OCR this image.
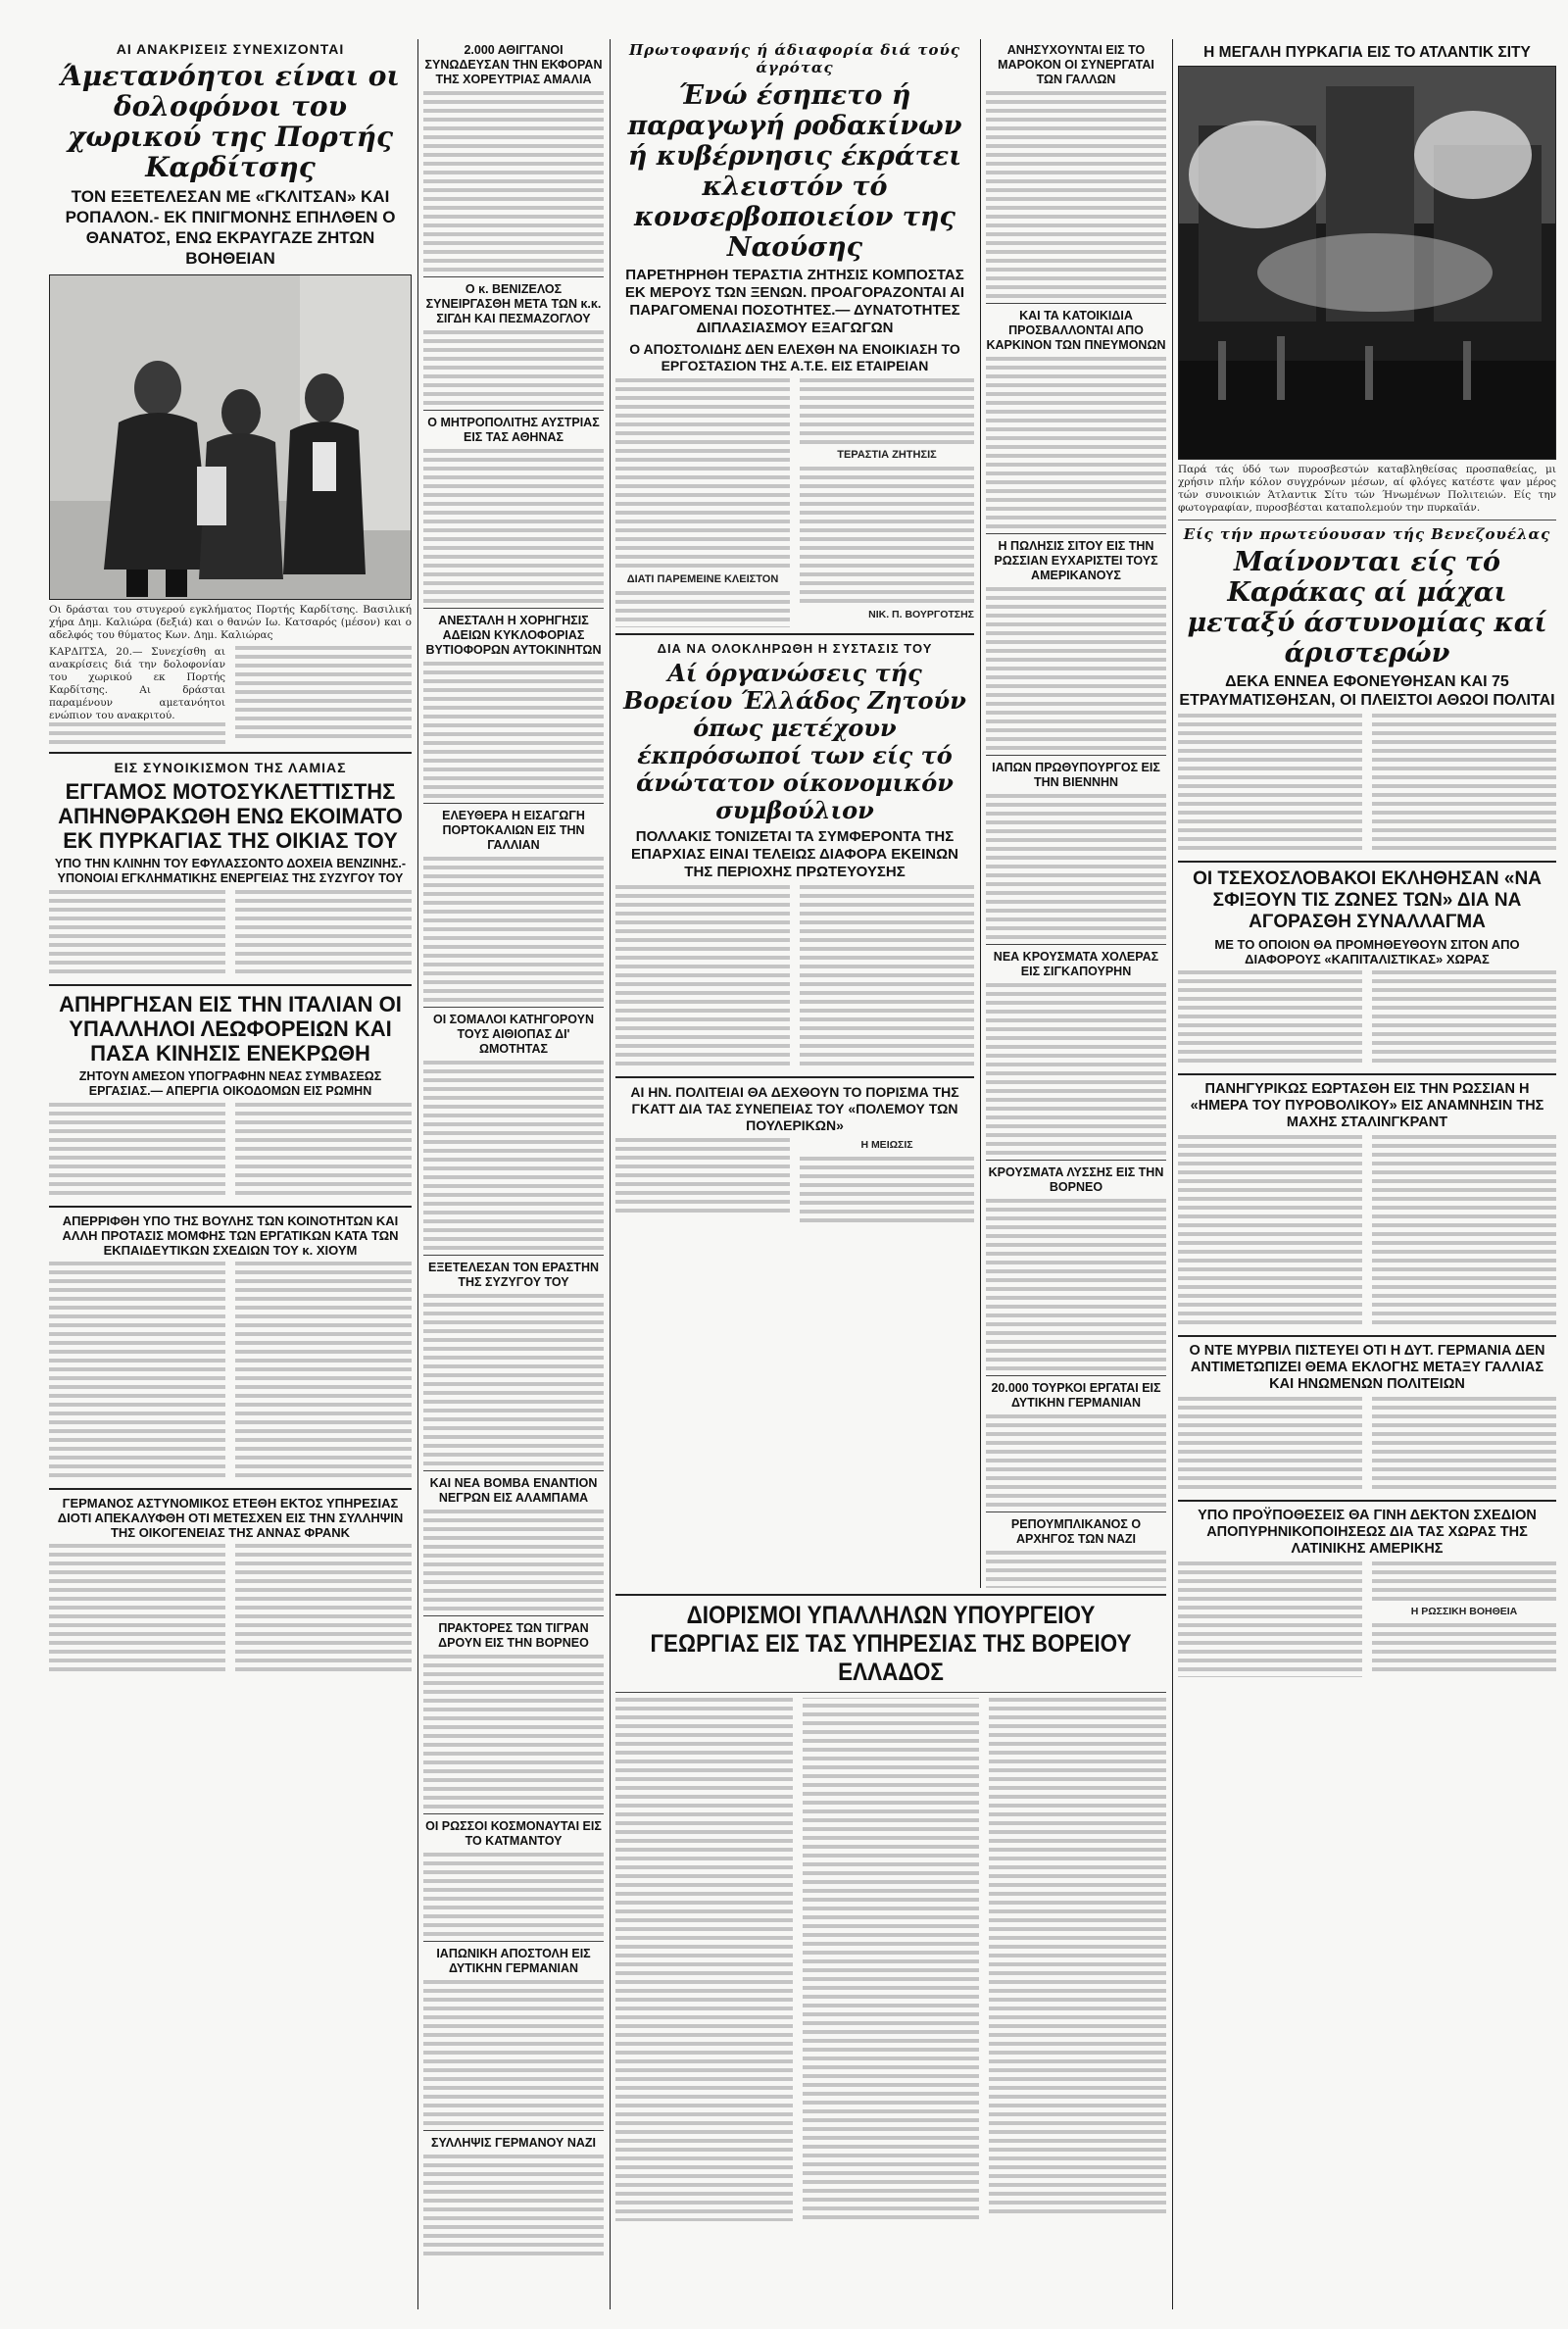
ΑΙ ΑΝΑΚΡΙΣΕΙΣ ΣΥΝΕΧΙΖΟΝΤΑΙ
Άμετανόητοι είναι οι δολοφόνοι του χωρικού της Πορτής Καρδίτσης
ΤΟΝ ΕΞΕΤΕΛΕΣΑΝ ΜΕ «ΓΚΛΙΤΣΑΝ» ΚΑΙ ΡΟΠΑΛΟΝ.- ΕΚ ΠΝΙΓΜΟΝΗΣ ΕΠΗΛΘΕΝ Ο ΘΑΝΑΤΟΣ, ΕΝΩ ΕΚΡΑΥΓΑΖΕ ΖΗΤΩΝ ΒΟΗΘΕΙΑΝ
Οι δράσται του στυγερού εγκλήματος Πορτής Καρδίτσης. Βασιλική χήρα Δημ. Καλιώρα (δεξιά) και ο θανών Ιω. Κατσαρός (μέσον) και ο αδελφός του θύματος Κων. Δημ. Καλιώρας
ΚΑΡΔΙΤΣΑ, 20.— Συνεχίσθη αι ανακρίσεις διά την δολοφονίαν του χωρικού εκ Πορτής Καρδίτσης. Αι δράσται παραμένουν αμετανόητοι ενώπιον του ανακριτού.
ΕΙΣ ΣΥΝΟΙΚΙΣΜΟΝ ΤΗΣ ΛΑΜΙΑΣ
ΕΓΓΑΜΟΣ ΜΟΤΟΣΥΚΛΕΤΤΙΣΤΗΣ ΑΠΗΝΘΡΑΚΩΘΗ ΕΝΩ ΕΚΟΙΜΑΤΟ ΕΚ ΠΥΡΚΑΓΙΑΣ ΤΗΣ ΟΙΚΙΑΣ ΤΟΥ
ΥΠΟ ΤΗΝ ΚΛΙΝΗΝ ΤΟΥ ΕΦΥΛΑΣΣΟΝΤΟ ΔΟΧΕΙΑ ΒΕΝΖΙΝΗΣ.- ΥΠΟΝΟΙΑΙ ΕΓΚΛΗΜΑΤΙΚΗΣ ΕΝΕΡΓΕΙΑΣ ΤΗΣ ΣΥΖΥΓΟΥ ΤΟΥ
ΑΠΗΡΓΗΣΑΝ ΕΙΣ ΤΗΝ ΙΤΑΛΙΑΝ ΟΙ ΥΠΑΛΛΗΛΟΙ ΛΕΩΦΟΡΕΙΩΝ ΚΑΙ ΠΑΣΑ ΚΙΝΗΣΙΣ ΕΝΕΚΡΩΘΗ
ΖΗΤΟΥΝ ΑΜΕΣΟΝ ΥΠΟΓΡΑΦΗΝ ΝΕΑΣ ΣΥΜΒΑΣΕΩΣ ΕΡΓΑΣΙΑΣ.— ΑΠΕΡΓΙΑ ΟΙΚΟΔΟΜΩΝ ΕΙΣ ΡΩΜΗΝ
ΑΠΕΡΡΙΦΘΗ ΥΠΟ ΤΗΣ ΒΟΥΛΗΣ ΤΩΝ ΚΟΙΝΟΤΗΤΩΝ ΚΑΙ ΑΛΛΗ ΠΡΟΤΑΣΙΣ ΜΟΜΦΗΣ ΤΩΝ ΕΡΓΑΤΙΚΩΝ ΚΑΤΑ ΤΩΝ ΕΚΠΑΙΔΕΥΤΙΚΩΝ ΣΧΕΔΙΩΝ ΤΟΥ κ. ΧΙΟΥΜ
ΓΕΡΜΑΝΟΣ ΑΣΤΥΝΟΜΙΚΟΣ ΕΤΕΘΗ ΕΚΤΟΣ ΥΠΗΡΕΣΙΑΣ ΔΙΟΤΙ ΑΠΕΚΑΛΥΦΘΗ ΟΤΙ ΜΕΤΕΣΧΕΝ ΕΙΣ ΤΗΝ ΣΥΛΛΗΨΙΝ ΤΗΣ ΟΙΚΟΓΕΝΕΙΑΣ ΤΗΣ ΑΝΝΑΣ ΦΡΑΝΚ
2.000 ΑΘΙΓΓΑΝΟΙ ΣΥΝΩΔΕΥΣΑΝ ΤΗΝ ΕΚΦΟΡΑΝ ΤΗΣ ΧΟΡΕΥΤΡΙΑΣ ΑΜΑΛΙΑ
Ο κ. ΒΕΝΙΖΕΛΟΣ ΣΥΝΕΙΡΓΑΣΘΗ ΜΕΤΑ ΤΩΝ κ.κ. ΣΙΓΔΗ ΚΑΙ ΠΕΣΜΑΖΟΓΛΟΥ
Ο ΜΗΤΡΟΠΟΛΙΤΗΣ ΑΥΣΤΡΙΑΣ ΕΙΣ ΤΑΣ ΑΘΗΝΑΣ
ΑΝΕΣΤΑΛΗ Η ΧΟΡΗΓΗΣΙΣ ΑΔΕΙΩΝ ΚΥΚΛΟΦΟΡΙΑΣ ΒΥΤΙΟΦΟΡΩΝ ΑΥΤΟΚΙΝΗΤΩΝ
ΕΛΕΥΘΕΡΑ Η ΕΙΣΑΓΩΓΗ ΠΟΡΤΟΚΑΛΙΩΝ ΕΙΣ ΤΗΝ ΓΑΛΛΙΑΝ
ΟΙ ΣΟΜΑΛΟΙ ΚΑΤΗΓΟΡΟΥΝ ΤΟΥΣ ΑΙΘΙΟΠΑΣ ΔΙ' ΩΜΟΤΗΤΑΣ
ΕΞΕΤΕΛΕΣΑΝ ΤΟΝ ΕΡΑΣΤΗΝ ΤΗΣ ΣΥΖΥΓΟΥ ΤΟΥ
ΚΑΙ ΝΕΑ ΒΟΜΒΑ ΕΝΑΝΤΙΟΝ ΝΕΓΡΩΝ ΕΙΣ ΑΛΑΜΠΑΜΑ
ΠΡΑΚΤΟΡΕΣ ΤΩΝ ΤΙΓΡΑΝ ΔΡΟΥΝ ΕΙΣ ΤΗΝ ΒΟΡΝΕΟ
ΟΙ ΡΩΣΣΟΙ ΚΟΣΜΟΝΑΥΤΑΙ ΕΙΣ ΤΟ ΚΑΤΜΑΝΤΟΥ
ΙΑΠΩΝΙΚΗ ΑΠΟΣΤΟΛΗ ΕΙΣ ΔΥΤΙΚΗΝ ΓΕΡΜΑΝΙΑΝ
ΣΥΛΛΗΨΙΣ ΓΕΡΜΑΝΟΥ ΝΑΖΙ
Πρωτοφανής ή άδιαφορία διά τούς άγρότας
Ένώ έσηπετο ή παραγωγή ροδακίνων ή κυβέρνησις έκράτει κλειστόν τό κονσερβοποιείον της Ναούσης
ΠΑΡΕΤΗΡΗΘΗ ΤΕΡΑΣΤΙΑ ΖΗΤΗΣΙΣ ΚΟΜΠΟΣΤΑΣ ΕΚ ΜΕΡΟΥΣ ΤΩΝ ΞΕΝΩΝ. ΠΡΟΑΓΟΡΑΖΟΝΤΑΙ ΑΙ ΠΑΡΑΓΟΜΕΝΑΙ ΠΟΣΟΤΗΤΕΣ.— ΔΥΝΑΤΟΤΗΤΕΣ ΔΙΠΛΑΣΙΑΣΜΟΥ ΕΞΑΓΩΓΩΝ
Ο ΑΠΟΣΤΟΛΙΔΗΣ ΔΕΝ ΕΛΕΧΘΗ ΝΑ ΕΝΟΙΚΙΑΣΗ ΤΟ ΕΡΓΟΣΤΑΣΙΟΝ ΤΗΣ Α.Τ.Ε. ΕΙΣ ΕΤΑΙΡΕΙΑΝ
ΔΙΑΤΙ ΠΑΡΕΜΕΙΝΕ ΚΛΕΙΣΤΟΝ
ΤΕΡΑΣΤΙΑ ΖΗΤΗΣΙΣ
ΝΙΚ. Π. ΒΟΥΡΓΟΤΣΗΣ
ΔΙΑ ΝΑ ΟΛΟΚΛΗΡΩΘΗ Η ΣΥΣΤΑΣΙΣ ΤΟΥ
Αί όργανώσεις τής Βορείου Έλλάδος Ζητούν όπως μετέχουν έκπρόσωποί των είς τό άνώτατον οίκονομικόν συμβούλιον
ΠΟΛΛΑΚΙΣ ΤΟΝΙΖΕΤΑΙ ΤΑ ΣΥΜΦΕΡΟΝΤΑ ΤΗΣ ΕΠΑΡΧΙΑΣ ΕΙΝΑΙ ΤΕΛΕΙΩΣ ΔΙΑΦΟΡΑ ΕΚΕΙΝΩΝ ΤΗΣ ΠΕΡΙΟΧΗΣ ΠΡΩΤΕΥΟΥΣΗΣ
ΑΙ ΗΝ. ΠΟΛΙΤΕΙΑΙ ΘΑ ΔΕΧΘΟΥΝ ΤΟ ΠΟΡΙΣΜΑ ΤΗΣ ΓΚΑΤΤ ΔΙΑ ΤΑΣ ΣΥΝΕΠΕΙΑΣ ΤΟΥ «ΠΟΛΕΜΟΥ ΤΩΝ ΠΟΥΛΕΡΙΚΩΝ»
Η ΜΕΙΩΣΙΣ
ΑΝΗΣΥΧΟΥΝΤΑΙ ΕΙΣ ΤΟ ΜΑΡΟΚΟΝ ΟΙ ΣΥΝΕΡΓΑΤΑΙ ΤΩΝ ΓΑΛΛΩΝ
ΚΑΙ ΤΑ ΚΑΤΟΙΚΙΔΙΑ ΠΡΟΣΒΑΛΛΟΝΤΑΙ ΑΠΟ ΚΑΡΚΙΝΟΝ ΤΩΝ ΠΝΕΥΜΟΝΩΝ
Η ΠΩΛΗΣΙΣ ΣΙΤΟΥ ΕΙΣ ΤΗΝ ΡΩΣΣΙΑΝ ΕΥΧΑΡΙΣΤΕΙ ΤΟΥΣ ΑΜΕΡΙΚΑΝΟΥΣ
ΙΑΠΩΝ ΠΡΩΘΥΠΟΥΡΓΟΣ ΕΙΣ ΤΗΝ ΒΙΕΝΝΗΝ
ΝΕΑ ΚΡΟΥΣΜΑΤΑ ΧΟΛΕΡΑΣ ΕΙΣ ΣΙΓΚΑΠΟΥΡΗΝ
ΚΡΟΥΣΜΑΤΑ ΛΥΣΣΗΣ ΕΙΣ ΤΗΝ ΒΟΡΝΕΟ
20.000 ΤΟΥΡΚΟΙ ΕΡΓΑΤΑΙ ΕΙΣ ΔΥΤΙΚΗΝ ΓΕΡΜΑΝΙΑΝ
ΡΕΠΟΥΜΠΛΙΚΑΝΟΣ Ο ΑΡΧΗΓΟΣ ΤΩΝ ΝΑΖΙ
Η ΜΕΓΑΛΗ ΠΥΡΚΑΓΙΑ ΕΙΣ ΤΟ ΑΤΛΑΝΤΙΚ ΣΙΤΥ
Παρά τάς ύδό των πυροσβεστών καταβληθείσας προσπαθείας, μι χρήσιν πλήν κόλον συγχρόνων μέσων, αί φλόγες κατέστε ψαν μέρος τών συνοικιών Άτλαντικ Σίτυ τών Ήνωμένων Πολιτειών. Είς την φωτογραφίαν, πυροσβέσται καταπολεμούν την πυρκαϊάν.
Είς τήν πρωτεύουσαν τής Βενεζουέλας
Μαίνονται είς τό Καράκας αί μάχαι μεταξύ άστυνομίας καί άριστερών
ΔΕΚΑ ΕΝΝΕΑ ΕΦΟΝΕΥΘΗΣΑΝ ΚΑΙ 75 ΕΤΡΑΥΜΑΤΙΣΘΗΣΑΝ, ΟΙ ΠΛΕΙΣΤΟΙ ΑΘΩΟΙ ΠΟΛΙΤΑΙ
ΟΙ ΤΣΕΧΟΣΛΟΒΑΚΟΙ ΕΚΛΗΘΗΣΑΝ «ΝΑ ΣΦΙΞΟΥΝ ΤΙΣ ΖΩΝΕΣ ΤΩΝ» ΔΙΑ ΝΑ ΑΓΟΡΑΣΘΗ ΣΥΝΑΛΛΑΓΜΑ
ΜΕ ΤΟ ΟΠΟΙΟΝ ΘΑ ΠΡΟΜΗΘΕΥΘΟΥΝ ΣΙΤΟΝ ΑΠΟ ΔΙΑΦΟΡΟΥΣ «ΚΑΠΙΤΑΛΙΣΤΙΚΑΣ» ΧΩΡΑΣ
ΠΑΝΗΓΥΡΙΚΩΣ ΕΩΡΤΑΣΘΗ ΕΙΣ ΤΗΝ ΡΩΣΣΙΑΝ Η «ΗΜΕΡΑ ΤΟΥ ΠΥΡΟΒΟΛΙΚΟΥ» ΕΙΣ ΑΝΑΜΝΗΣΙΝ ΤΗΣ ΜΑΧΗΣ ΣΤΑΛΙΝΓΚΡΑΝΤ
Ο ΝΤΕ ΜΥΡΒΙΛ ΠΙΣΤΕΥΕΙ ΟΤΙ Η ΔΥΤ. ΓΕΡΜΑΝΙΑ ΔΕΝ ΑΝΤΙΜΕΤΩΠΙΖΕΙ ΘΕΜΑ ΕΚΛΟΓΗΣ ΜΕΤΑΞΥ ΓΑΛΛΙΑΣ ΚΑΙ ΗΝΩΜΕΝΩΝ ΠΟΛΙΤΕΙΩΝ
ΥΠΟ ΠΡΟΫΠΟΘΕΣΕΙΣ ΘΑ ΓΙΝΗ ΔΕΚΤΟΝ ΣΧΕΔΙΟΝ ΑΠΟΠΥΡΗΝΙΚΟΠΟΙΗΣΕΩΣ ΔΙΑ ΤΑΣ ΧΩΡΑΣ ΤΗΣ ΛΑΤΙΝΙΚΗΣ ΑΜΕΡΙΚΗΣ
Η ΡΩΣΣΙΚΗ ΒΟΗΘΕΙΑ
ΔΙΟΡΙΣΜΟΙ ΥΠΑΛΛΗΛΩΝ ΥΠΟΥΡΓΕΙΟΥ ΓΕΩΡΓΙΑΣ ΕΙΣ ΤΑΣ ΥΠΗΡΕΣΙΑΣ ΤΗΣ ΒΟΡΕΙΟΥ ΕΛΛΑΔΟΣ
